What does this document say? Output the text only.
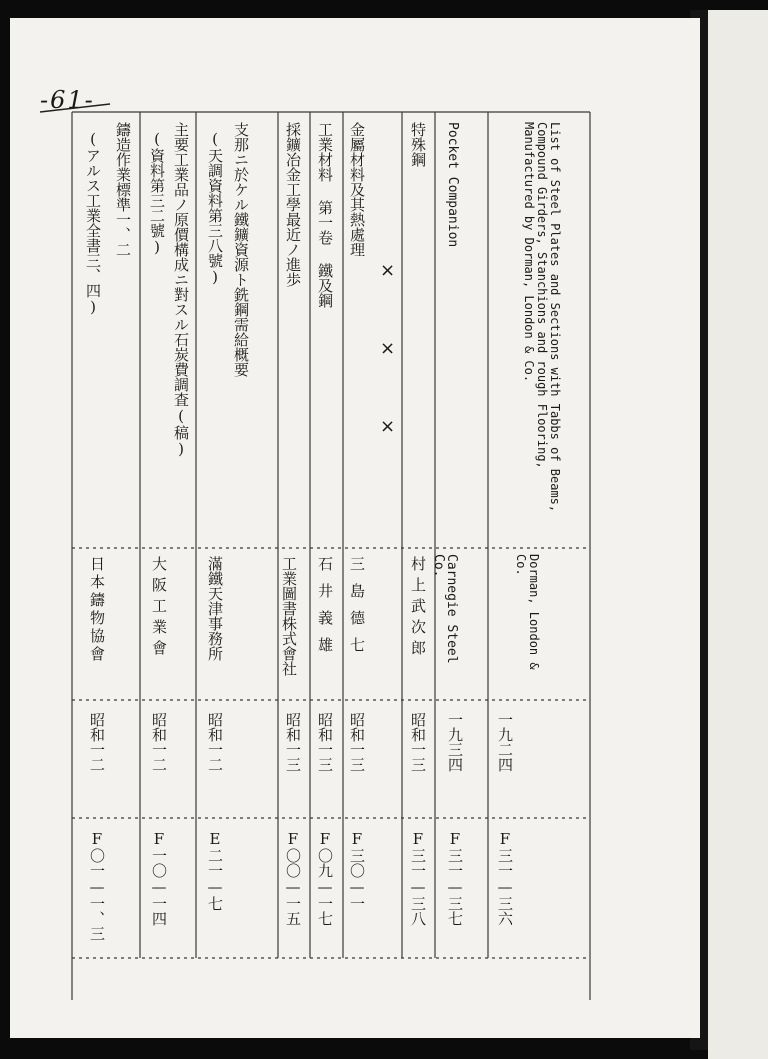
-61-
List of Steel Plates and Sections with Tabbs of Beams, Compound Girders, Stanchions and rough Flooring, Manufactured by Dorman, London & Co.
Dorman, London & Co.
一九二四
F三一—三六
Pocket Companion
Carnegie Steel Co.
一九三四
F三一—三七
特殊鋼
村上武次郎
昭和一三
F三一—三八
×
×
×
金屬材料及其熱處理
三島德七
昭和一三
F三〇—一
工業材料 第一卷 鐵及鋼
石井義雄
昭和一三
F〇九—一七
採鑛冶金工學最近ノ進歩
工業圖書株式會社
昭和一三
F〇〇—一五
支那ニ於ケル鐵鑛資源ト銑鋼需給概要
(天調資料第三八號)
滿鐵天津事務所
昭和一二
E二一—七
主要工業品ノ原價構成ニ對スル石炭費調査(稿)
(資料第三二號)
大阪工業會
昭和一二
F一〇—一四
鑄造作業標準一、二
(アルス工業全書三、四)
日本鑄物協會
昭和一二
F〇一—一、三
